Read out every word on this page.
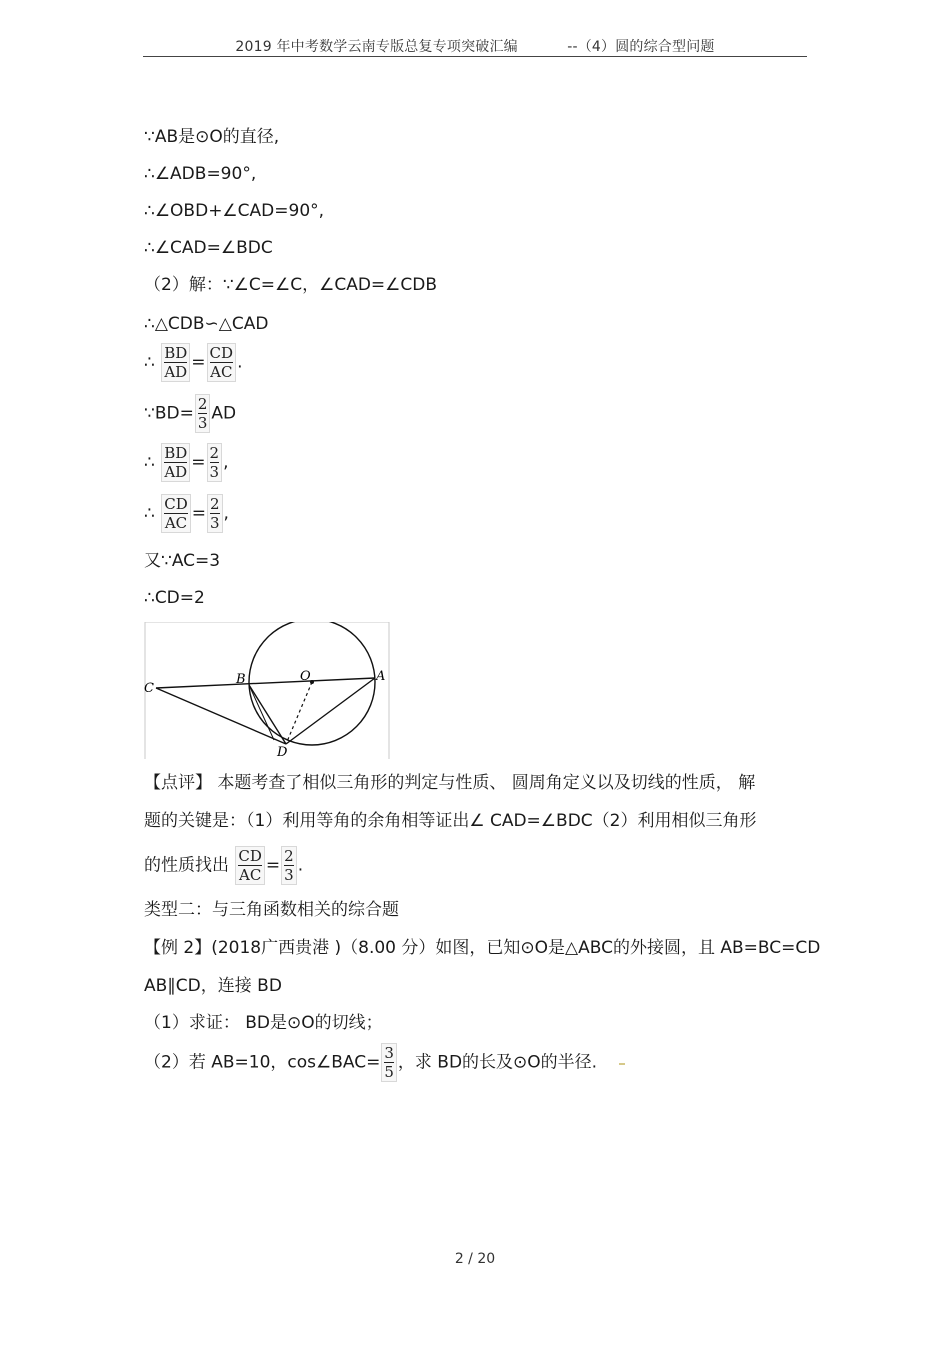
2019 年中考数学云南专版总复专项突破汇编	--（4）圆的综合型问题
∵AB是⊙O的直径,
∴∠ADB=90°,
∴∠OBD+∠CAD=90°,
∴∠CAD=∠BDC
（2）解：∵∠C=∠C，∠CAD=∠CDB
∴△CDB∽△CAD
∴ $\frac{BD}{AD} = \frac{CD}{AC}$ .
∵BD= $\frac{2}{3}$ AD
∴ $\frac{BD}{AD} = \frac{2}{3}$ ,
∴ $\frac{CD}{AC} = \frac{2}{3}$ ,
又∵AC=3
∴CD=2
C
B	O	A
D
【点评】 本题考查了相似三角形的判定与性质、 圆周角定义以及切线的性质， 解
题的关键是：（1）利用等角的余角相等证出∠ CAD=∠BDC（2）利用相似三角形
的性质找出 $\frac{CD}{AC} = \frac{2}{3}$ .
类型二：与三角函数相关的综合题
【例 2】(2018广西贵港 )（8.00 分）如图，已知⊙O是△ABC的外接圆，且 AB=BC=CD
AB∥CD，连接 BD
（1）求证： BD是⊙O的切线；
（2）若 AB=10，cos∠BAC= $\frac{3}{5}$ ，求 BD的长及⊙O的半径.
2 / 20
